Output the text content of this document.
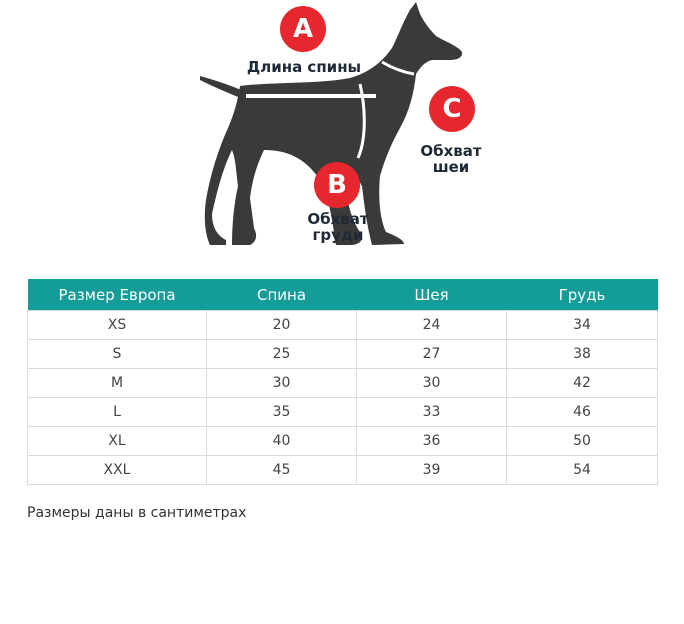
A
Длина спины
B
Обхват
груди
C
Обхват
шеи
Размер Европа	Спина	Шея	Грудь
XS	20	24	34
S	25	27	38
M	30	30	42
L	35	33	46
XL	40	36	50
XXL	45	39	54
Размеры даны в сантиметрах
